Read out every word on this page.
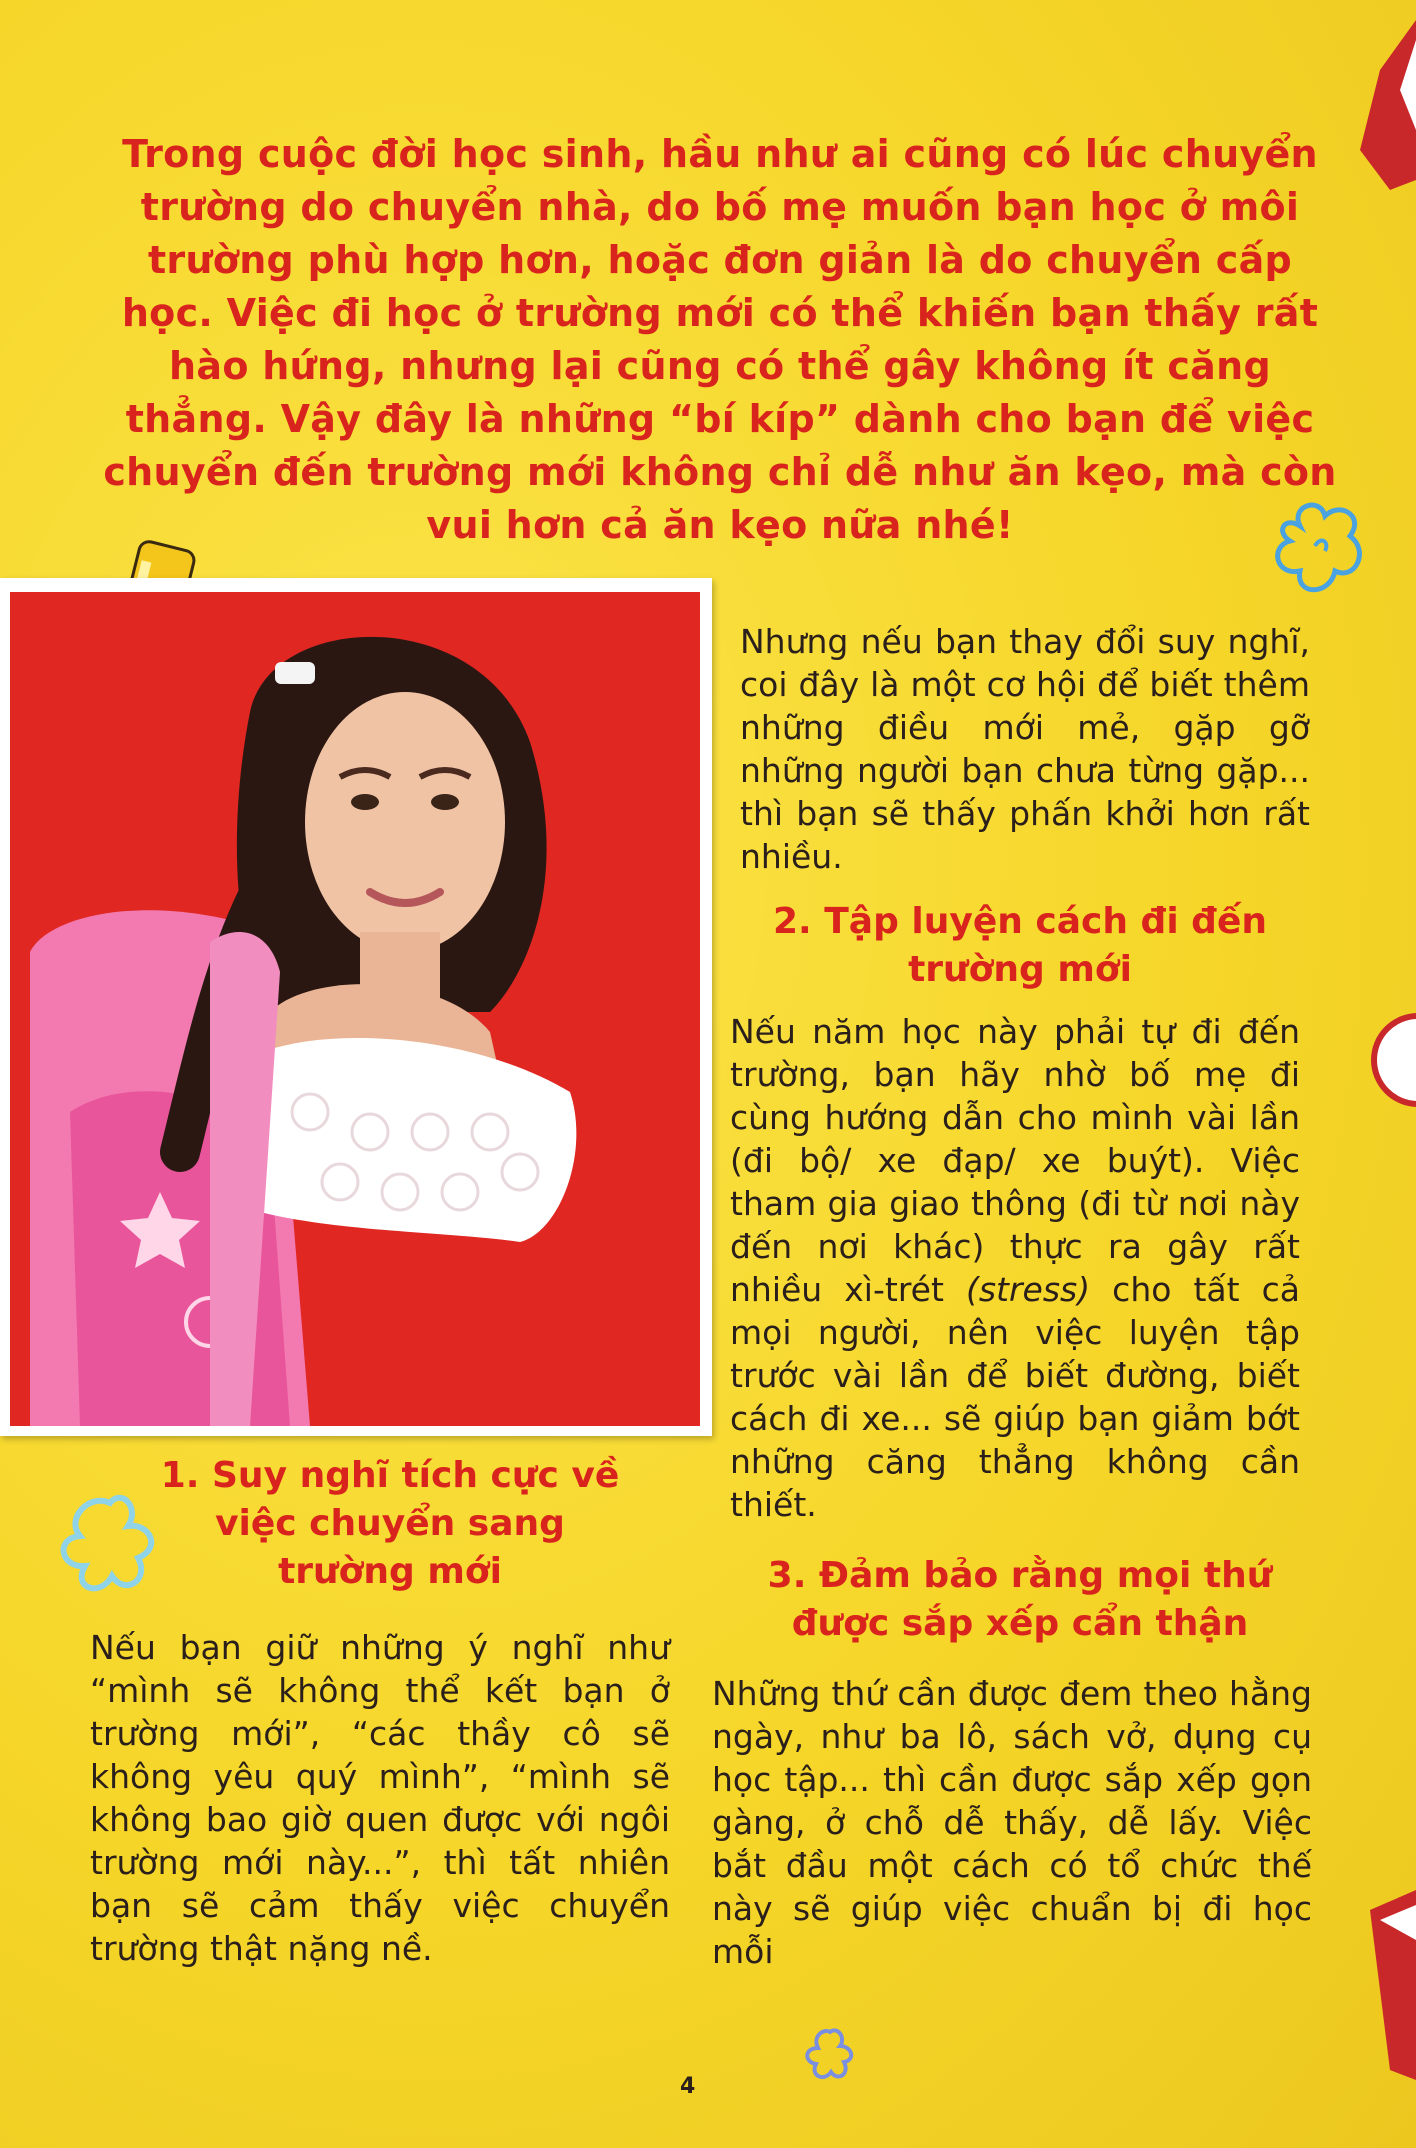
Trong cuộc đời học sinh, hầu như ai cũng có lúc chuyển trường do chuyển nhà, do bố mẹ muốn bạn học ở môi trường phù hợp hơn, hoặc đơn giản là do chuyển cấp học. Việc đi học ở trường mới có thể khiến bạn thấy rất hào hứng, nhưng lại cũng có thể gây không ít căng thẳng. Vậy đây là những “bí kíp” dành cho bạn để việc chuyển đến trường mới không chỉ dễ như ăn kẹo, mà còn vui hơn cả ăn kẹo nữa nhé!

Nhưng nếu bạn thay đổi suy nghĩ, coi đây là một cơ hội để biết thêm những điều mới mẻ, gặp gỡ những người bạn chưa từng gặp... thì bạn sẽ thấy phấn khởi hơn rất nhiều.

2. Tập luyện cách đi đến trường mới

Nếu năm học này phải tự đi đến trường, bạn hãy nhờ bố mẹ đi cùng hướng dẫn cho mình vài lần (đi bộ/ xe đạp/ xe buýt). Việc tham gia giao thông (đi từ nơi này đến nơi khác) thực ra gây rất nhiều xì-trét (stress) cho tất cả mọi người, nên việc luyện tập trước vài lần để biết đường, biết cách đi xe... sẽ giúp bạn giảm bớt những căng thẳng không cần thiết.

3. Đảm bảo rằng mọi thứ được sắp xếp cẩn thận

Những thứ cần được đem theo hằng ngày, như ba lô, sách vở, dụng cụ học tập... thì cần được sắp xếp gọn gàng, ở chỗ dễ thấy, dễ lấy. Việc bắt đầu một cách có tổ chức thế này sẽ giúp việc chuẩn bị đi học mỗi

1. Suy nghĩ tích cực về việc chuyển sang trường mới

Nếu bạn giữ những ý nghĩ như “mình sẽ không thể kết bạn ở trường mới”, “các thầy cô sẽ không yêu quý mình”, “mình sẽ không bao giờ quen được với ngôi trường mới này...”, thì tất nhiên bạn sẽ cảm thấy việc chuyển trường thật nặng nề.

4
